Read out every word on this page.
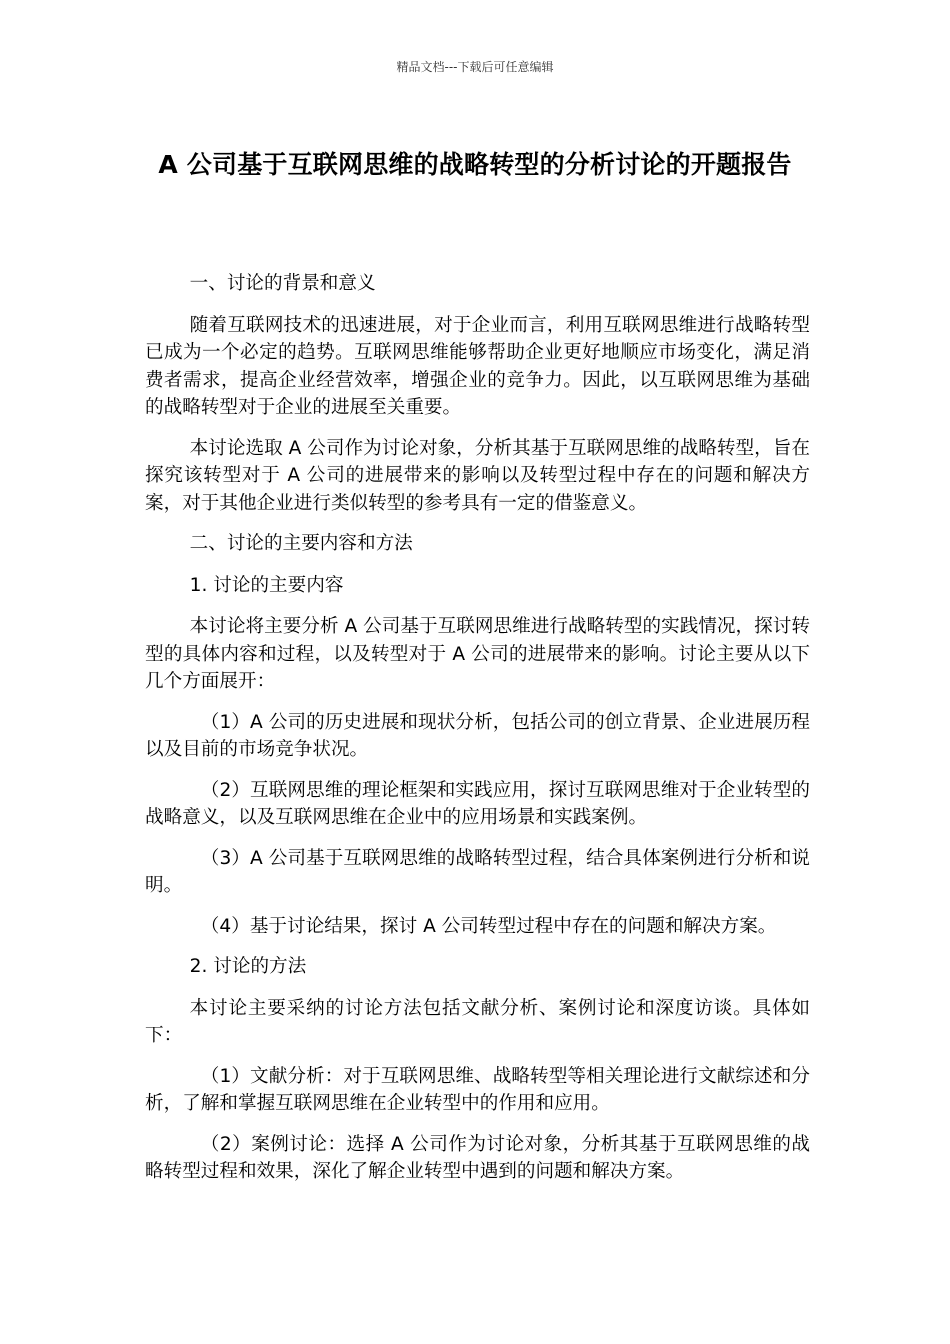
精品文档---下载后可任意编辑
A 公司基于互联网思维的战略转型的分析讨论的开题报告

一、讨论的背景和意义

随着互联网技术的迅速进展，对于企业而言，利用互联网思维进行战略转型已成为一个必定的趋势。互联网思维能够帮助企业更好地顺应市场变化，满足消费者需求，提高企业经营效率，增强企业的竞争力。因此，以互联网思维为基础的战略转型对于企业的进展至关重要。

本讨论选取 A 公司作为讨论对象，分析其基于互联网思维的战略转型，旨在探究该转型对于 A 公司的进展带来的影响以及转型过程中存在的问题和解决方案，对于其他企业进行类似转型的参考具有一定的借鉴意义。

二、讨论的主要内容和方法

1. 讨论的主要内容

本讨论将主要分析 A 公司基于互联网思维进行战略转型的实践情况，探讨转型的具体内容和过程，以及转型对于 A 公司的进展带来的影响。讨论主要从以下几个方面展开：

（1）A 公司的历史进展和现状分析，包括公司的创立背景、企业进展历程以及目前的市场竞争状况。

（2）互联网思维的理论框架和实践应用，探讨互联网思维对于企业转型的战略意义，以及互联网思维在企业中的应用场景和实践案例。

（3）A 公司基于互联网思维的战略转型过程，结合具体案例进行分析和说明。

（4）基于讨论结果，探讨 A 公司转型过程中存在的问题和解决方案。

2. 讨论的方法

本讨论主要采纳的讨论方法包括文献分析、案例讨论和深度访谈。具体如下：

（1）文献分析：对于互联网思维、战略转型等相关理论进行文献综述和分析，了解和掌握互联网思维在企业转型中的作用和应用。

（2）案例讨论：选择 A 公司作为讨论对象，分析其基于互联网思维的战略转型过程和效果，深化了解企业转型中遇到的问题和解决方案。
